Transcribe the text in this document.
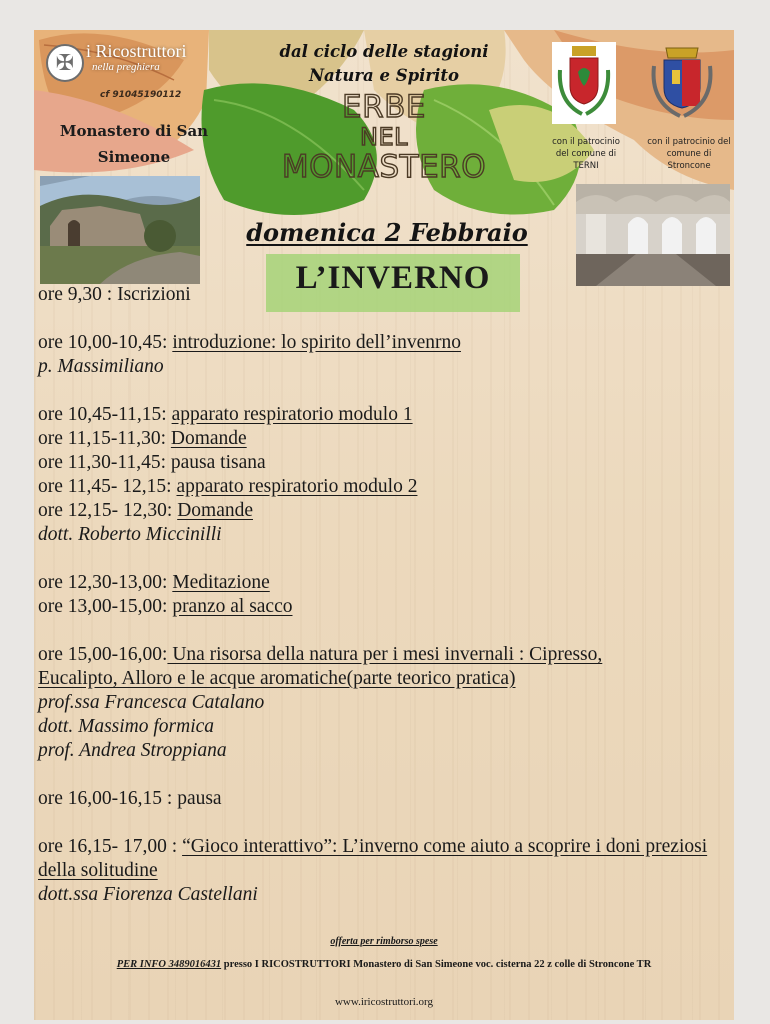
✠ i Ricostruttori
nella preghiera
cf 91045190112
Monastero di San
Simeone
dal ciclo delle stagioni
Natura e Spirito
ERBE
NEL
MONASTERO
con il patrocinio
del comune di
TERNI
con il patrocinio del
comune di
Stroncone
domenica 2 Febbraio
L’INVERNO
ore 9,30 : Iscrizioni
ore 10,00-10,45: introduzione: lo spirito dell’invenrno
p. Massimiliano
ore 10,45-11,15: apparato respiratorio modulo 1
ore 11,15-11,30: Domande
ore 11,30-11,45: pausa tisana
ore 11,45- 12,15: apparato respiratorio modulo 2
ore 12,15- 12,30: Domande
dott. Roberto Miccinilli
ore 12,30-13,00: Meditazione
ore 13,00-15,00: pranzo al sacco
ore 15,00-16,00: Una risorsa della natura per i mesi invernali : Cipresso, Eucalipto, Alloro e le acque aromatiche(parte teorico pratica)
prof.ssa Francesca Catalano
dott. Massimo formica
prof. Andrea Stroppiana
ore 16,00-16,15 : pausa
ore 16,15- 17,00 : “Gioco interattivo”: L’inverno come aiuto a scoprire i doni preziosi della solitudine
dott.ssa Fiorenza Castellani
offerta per rimborso spese
PER INFO 3489016431 presso I RICOSTRUTTORI Monastero di San Simeone voc. cisterna 22 z colle di Stroncone TR
www.iricostruttori.org
